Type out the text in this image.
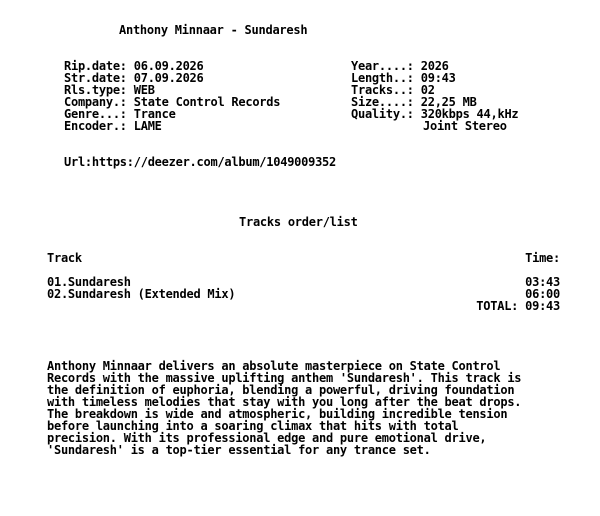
Anthony Minnaar - Sundaresh
Rip.date: 06.09.2026
Str.date: 07.09.2026
Rls.type: WEB
Company.: State Control Records
Genre...: Trance
Encoder.: LAME
Year....: 2026
Length..: 09:43
Tracks..: 02
Size....: 22,25 MB
Quality.: 320kbps 44,kHz
Joint Stereo
Url:https://deezer.com/album/1049009352
Tracks order/list
Track	Time:
01.Sundaresh	03:43
02.Sundaresh (Extended Mix)	06:00
TOTAL: 09:43
Anthony Minnaar delivers an absolute masterpiece on State Control
Records with the massive uplifting anthem 'Sundaresh'. This track is
the definition of euphoria, blending a powerful, driving foundation
with timeless melodies that stay with you long after the beat drops.
The breakdown is wide and atmospheric, building incredible tension
before launching into a soaring climax that hits with total
precision. With its professional edge and pure emotional drive,
'Sundaresh' is a top-tier essential for any trance set.
